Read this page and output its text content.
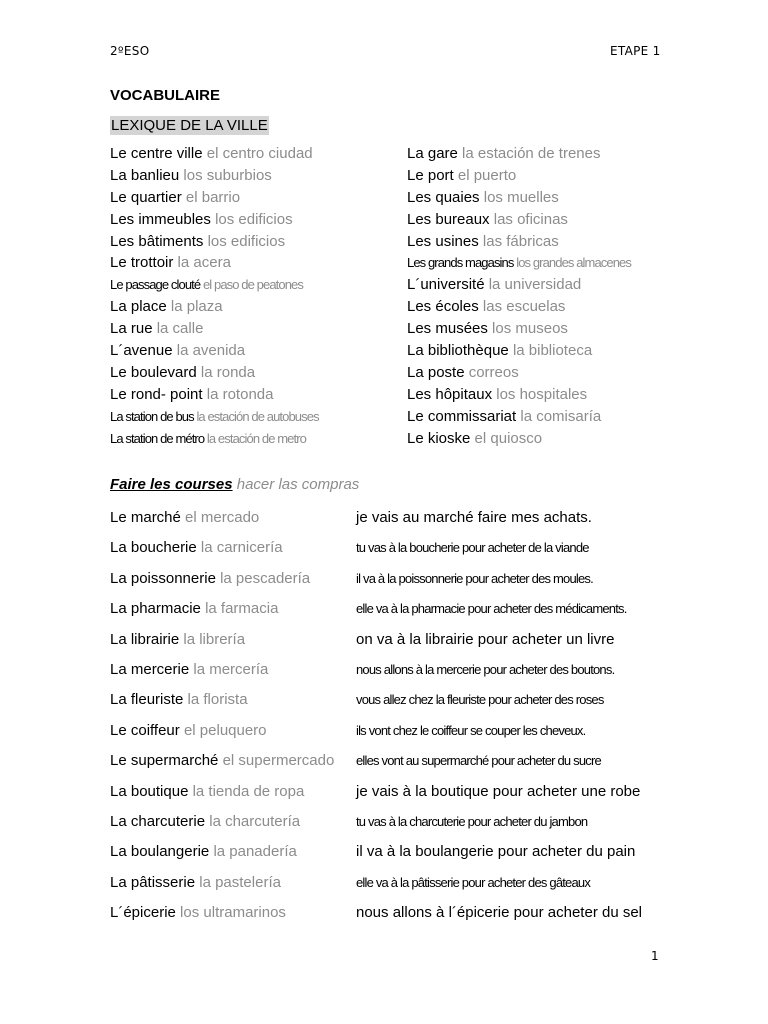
2ºESO	ETAPE 1
VOCABULAIRE
LEXIQUE DE LA VILLE
Le centre ville el centro ciudad
La banlieu los suburbios
Le quartier el barrio
Les immeubles los edificios
Les bâtiments los edificios
Le trottoir la acera
Le passage clouté el paso de peatones
La place la plaza
La rue la calle
L´avenue la avenida
Le boulevard la ronda
Le rond- point la rotonda
La station de bus la estación de autobuses
La station de métro la estación de metro
La gare la estación de trenes
Le port el puerto
Les quaies los muelles
Les bureaux las oficinas
Les usines las fábricas
Les grands magasins los grandes almacenes
L´université la universidad
Les écoles las escuelas
Les musées los museos
La bibliothèque la biblioteca
La poste correos
Les hôpitaux los hospitales
Le commissariat la comisaría
Le kioske el quiosco
Faire les courses hacer las compras
Le marché el mercado
La boucherie la carnicería
La poissonnerie la pescadería
La pharmacie la farmacia
La librairie la librería
La mercerie la mercería
La fleuriste la florista
Le coiffeur el peluquero
Le supermarché el supermercado
La boutique la tienda de ropa
La charcuterie la charcutería
La boulangerie la panadería
La pâtisserie la pastelería
L´épicerie los ultramarinos
je vais au marché faire mes achats.
tu vas à la boucherie pour acheter de la viande
il va à la poissonnerie pour acheter des moules.
elle va à la pharmacie pour acheter des médicaments.
on va à la librairie pour acheter un livre
nous allons à la mercerie pour acheter des boutons.
vous allez chez la fleuriste pour acheter des roses
ils vont chez le coiffeur se couper les cheveux.
elles vont au supermarché pour acheter du sucre
je vais à la boutique pour acheter une robe
tu vas à la charcuterie pour acheter du jambon
il va à la boulangerie pour acheter du pain
elle va à la pâtisserie pour acheter des gâteaux
nous allons à l´épicerie pour acheter du sel
1
